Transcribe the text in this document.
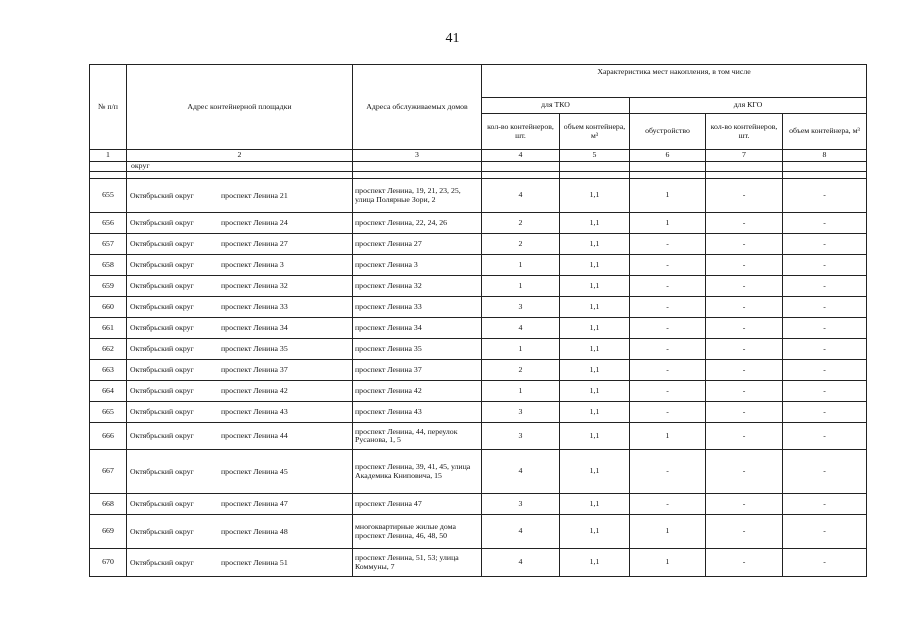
41
№ п/п	Адрес контейнерной площадки	Адреса обслуживаемых домов	Характеристика мест накопления, в том числе				
			для ТКО		для КГО		
			кол-во контейнеров, шт.	объем контейнера, м³	обустройство	кол-во контейнеров, шт.	объем контейнера, м³
1	2	3	4	5	6	7	8
	округ						

655	Октябрьский округ проспект Ленина 21	проспект Ленина, 19, 21, 23, 25, улица Полярные Зори, 2	4	1,1	1	-	-
656	Октябрьский округ проспект Ленина 24	проспект Ленина, 22, 24, 26	2	1,1	1	-	-
657	Октябрьский округ проспект Ленина 27	проспект Ленина 27	2	1,1	-	-	-
658	Октябрьский округ проспект Ленина 3	проспект Ленина 3	1	1,1	-	-	-
659	Октябрьский округ проспект Ленина 32	проспект Ленина 32	1	1,1	-	-	-
660	Октябрьский округ проспект Ленина 33	проспект Ленина 33	3	1,1	-	-	-
661	Октябрьский округ проспект Ленина 34	проспект Ленина 34	4	1,1	-	-	-
662	Октябрьский округ проспект Ленина 35	проспект Ленина 35	1	1,1	-	-	-
663	Октябрьский округ проспект Ленина 37	проспект Ленина 37	2	1,1	-	-	-
664	Октябрьский округ проспект Ленина 42	проспект Ленина 42	1	1,1	-	-	-
665	Октябрьский округ проспект Ленина 43	проспект Ленина 43	3	1,1	-	-	-
666	Октябрьский округ проспект Ленина 44	проспект Ленина, 44, переулок Русанова, 1, 5	3	1,1	1	-	-
667	Октябрьский округ проспект Ленина 45	проспект Ленина, 39, 41, 45, улица Академика Книповича, 15	4	1,1	-	-	-
668	Октябрьский округ проспект Ленина 47	проспект Ленина 47	3	1,1	-	-	-
669	Октябрьский округ проспект Ленина 48	многоквартирные жилые дома проспект Ленина, 46, 48, 50	4	1,1	1	-	-
670	Октябрьский округ проспект Ленина 51	проспект Ленина, 51, 53; улица Коммуны, 7	4	1,1	1	-	-
